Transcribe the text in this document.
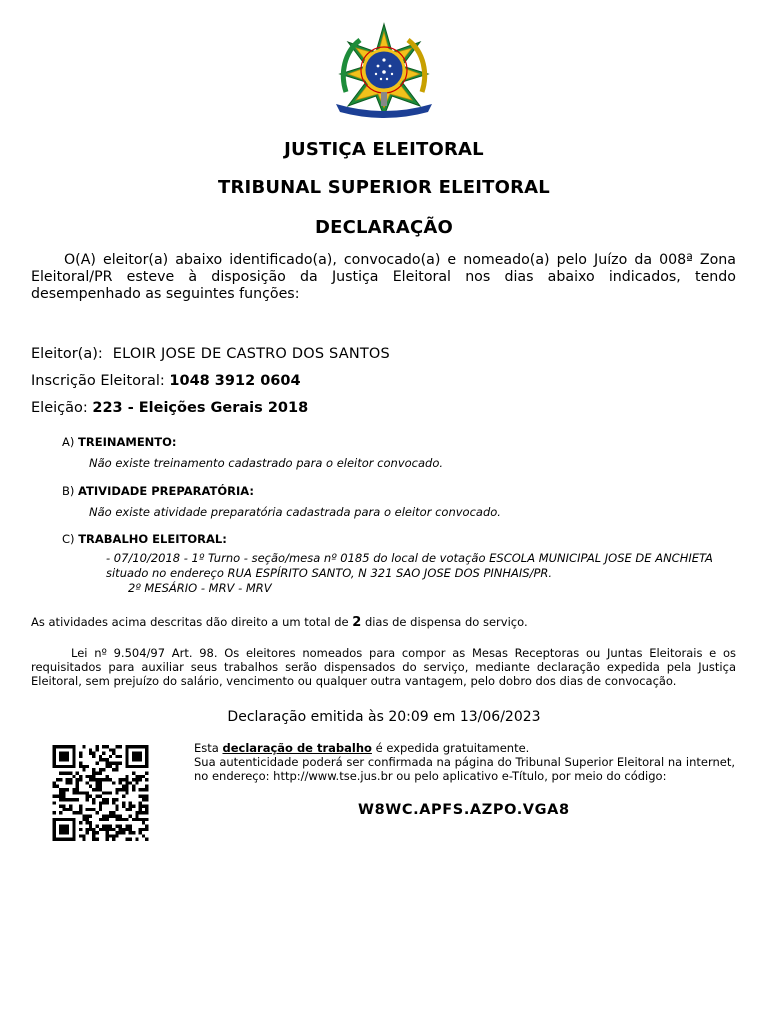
JUSTIÇA ELEITORAL
TRIBUNAL SUPERIOR ELEITORAL
DECLARAÇÃO
O(A) eleitor(a) abaixo identificado(a), convocado(a) e nomeado(a) pelo Juízo da 008ª Zona Eleitoral/PR esteve à disposição da Justiça Eleitoral nos dias abaixo indicados, tendo desempenhado as seguintes funções:
Eleitor(a): ELOIR JOSE DE CASTRO DOS SANTOS
Inscrição Eleitoral: 1048 3912 0604
Eleição: 223 - Eleições Gerais 2018
A) TREINAMENTO:
Não existe treinamento cadastrado para o eleitor convocado.
B) ATIVIDADE PREPARATÓRIA:
Não existe atividade preparatória cadastrada para o eleitor convocado.
C) TRABALHO ELEITORAL:
- 07/10/2018 - 1º Turno - seção/mesa nº 0185 do local de votação ESCOLA MUNICIPAL JOSE DE ANCHIETA situado no endereço RUA ESPÍRITO SANTO, N 321 SAO JOSE DOS PINHAIS/PR.
2º MESÁRIO - MRV - MRV
As atividades acima descritas dão direito a um total de 2 dias de dispensa do serviço.
Lei nº 9.504/97 Art. 98. Os eleitores nomeados para compor as Mesas Receptoras ou Juntas Eleitorais e os requisitados para auxiliar seus trabalhos serão dispensados do serviço, mediante declaração expedida pela Justiça Eleitoral, sem prejuízo do salário, vencimento ou qualquer outra vantagem, pelo dobro dos dias de convocação.
Declaração emitida às 20:09 em 13/06/2023
Esta declaração de trabalho é expedida gratuitamente.
Sua autenticidade poderá ser confirmada na página do Tribunal Superior Eleitoral na internet, no endereço: http://www.tse.jus.br ou pelo aplicativo e-Título, por meio do código:
W8WC.APFS.AZPO.VGA8
